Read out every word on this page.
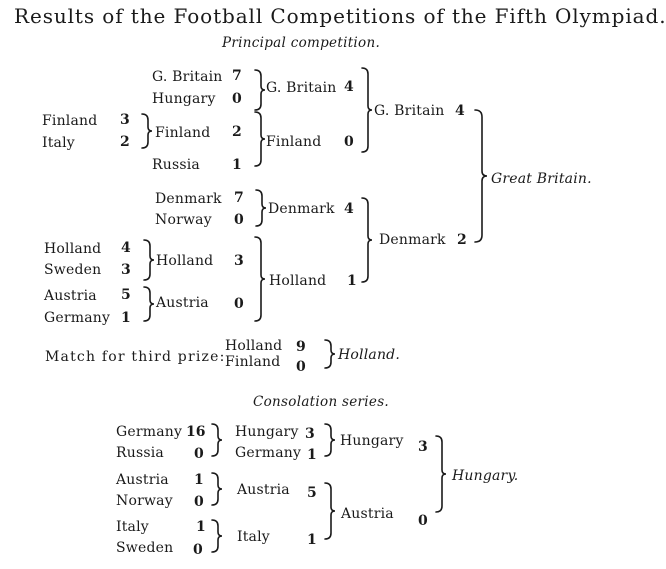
Results of the Football Competitions of the Fifth Olympiad.
Principal competition.
G. Britain 7
Hungary 0
Finland 3
Italy	2
Russia 1
Denmark 7
Norway 0
Holland 4
Sweden 3
Austria 5
Germany 1
G. Britain 4
Finland 2
Denmark 4
Holland 3
Austria 0
Finland 0
Holland 1
G. Britain 4
Denmark 2
Great Britain.
Match for third prize:
Holland 9
Finland 0
Holland.
Consolation series.
Germany 16
Russia 0
Austria 1
Norway 0
Italy	1
Sweden 0
Hungary 3
Germany 1
Austria 5
Italy	1
Hungary 3
Austria 0
Hungary.
